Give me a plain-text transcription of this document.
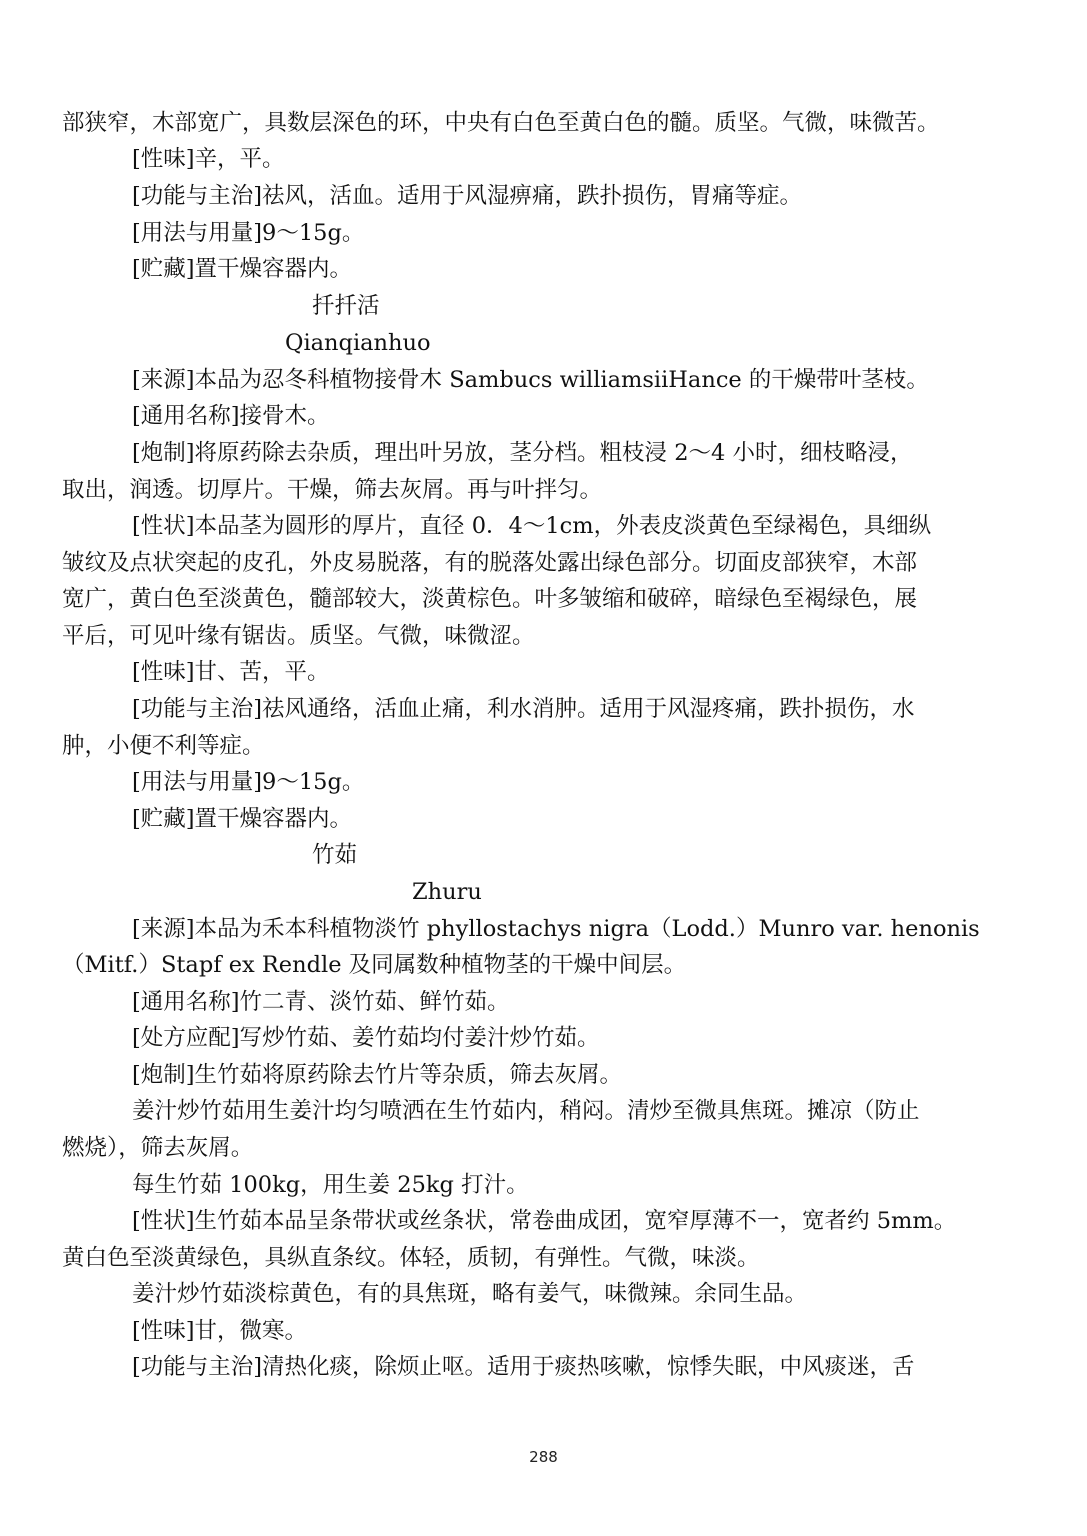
部狭窄，木部宽广，具数层深色的环，中央有白色至黄白色的髓。质坚。气微，味微苦。
[性味]辛，平。
[功能与主治]祛风，活血。适用于风湿痹痛，跌扑损伤，胃痛等症。
[用法与用量]9～15g。
[贮藏]置干燥容器内。
扦扦活
Qianqianhuo
[来源]本品为忍冬科植物接骨木 Sambucs williamsiiHance 的干燥带叶茎枝。
[通用名称]接骨木。
[炮制]将原药除去杂质，理出叶另放，茎分档。粗枝浸 2～4 小时，细枝略浸，
取出，润透。切厚片。干燥，筛去灰屑。再与叶拌匀。
[性状]本品茎为圆形的厚片，直径 0．4～1cm，外表皮淡黄色至绿褐色，具细纵
皱纹及点状突起的皮孔，外皮易脱落，有的脱落处露出绿色部分。切面皮部狭窄，木部
宽广，黄白色至淡黄色，髓部较大，淡黄棕色。叶多皱缩和破碎，暗绿色至褐绿色，展
平后，可见叶缘有锯齿。质坚。气微，味微涩。
[性味]甘、苦，平。
[功能与主治]祛风通络，活血止痛，利水消肿。适用于风湿疼痛，跌扑损伤，水
肿，小便不利等症。
[用法与用量]9～15g。
[贮藏]置干燥容器内。
竹茹
Zhuru
[来源]本品为禾本科植物淡竹 phyllostachys nigra（Lodd.）Munro var. henonis
（Mitf.）Stapf ex Rendle 及同属数种植物茎的干燥中间层。
[通用名称]竹二青、淡竹茹、鲜竹茹。
[处方应配]写炒竹茹、姜竹茹均付姜汁炒竹茹。
[炮制]生竹茹将原药除去竹片等杂质，筛去灰屑。
姜汁炒竹茹用生姜汁均匀喷洒在生竹茹内，稍闷。清炒至微具焦斑。摊凉（防止
燃烧），筛去灰屑。
每生竹茹 100kg，用生姜 25kg 打汁。
[性状]生竹茹本品呈条带状或丝条状，常卷曲成团，宽窄厚薄不一，宽者约 5mm。
黄白色至淡黄绿色，具纵直条纹。体轻，质韧，有弹性。气微，味淡。
姜汁炒竹茹淡棕黄色，有的具焦斑，略有姜气，味微辣。余同生品。
[性味]甘，微寒。
[功能与主治]清热化痰，除烦止呕。适用于痰热咳嗽，惊悸失眠，中风痰迷，舌
288
